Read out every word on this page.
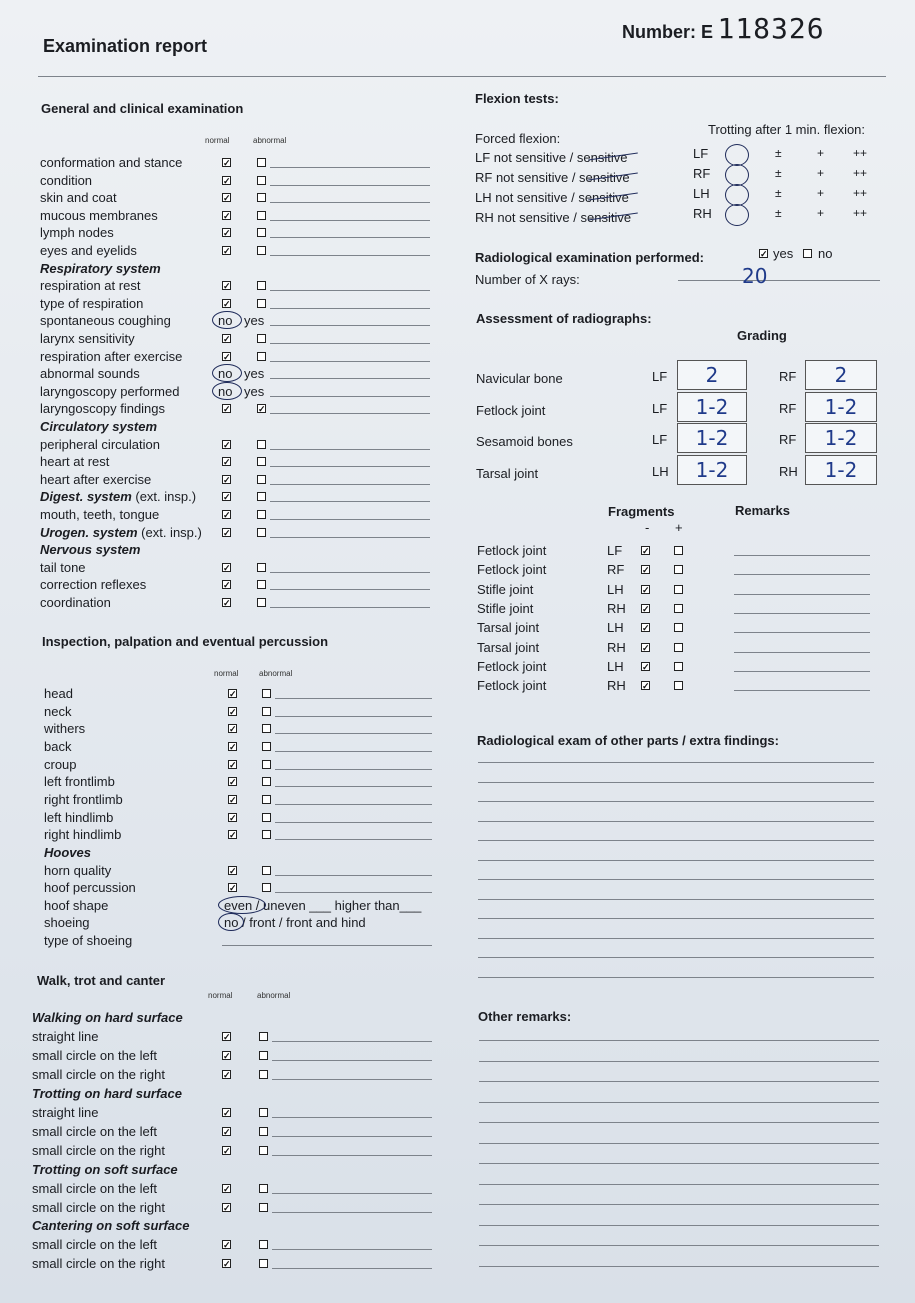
Examination report
Number: E 118326
General and clinical examination
normal	abnormal
Inspection, palpation and eventual percussion
normal	abnormal
Walk, trot and canter
normal	abnormal
Flexion tests:
Forced flexion:
Trotting after 1 min. flexion:
Radiological examination performed:
✓	yes no
Number of X rays:	20
Assessment of radiographs:
Grading
Fragments
- +
Remarks
Radiological exam of other parts / extra findings:
Other remarks:
conformation and stance
✓
condition
✓
skin and coat
✓
mucous membranes
✓
lymph nodes
✓
eyes and eyelids
✓
Respiratory system
respiration at rest
✓
type of respiration
✓
spontaneous coughing	no yes
larynx sensitivity
✓
respiration after exercise
✓
abnormal sounds	no yes
laryngoscopy performed	no yes
laryngoscopy findings
✓
✓
Circulatory system
peripheral circulation
✓
heart at rest
✓
heart after exercise
✓
Digest. system (ext. insp.)
✓
mouth, teeth, tongue
✓
Urogen. system (ext. insp.)
✓
Nervous system
tail tone
✓
correction reflexes
✓
coordination
✓
head
✓
neck
✓
withers
✓
back
✓
croup
✓
left frontlimb
✓
right frontlimb
✓
left hindlimb
✓
right hindlimb
✓
Hooves
horn quality
✓
hoof percussion
✓
hoof shape	even / uneven ___ higher than___
shoeing	no / front / front and hind
type of shoeing
Walking on hard surface
straight line
✓
small circle on the left
✓
small circle on the right
✓
Trotting on hard surface
straight line
✓
small circle on the left
✓
small circle on the right
✓
Trotting on soft surface
small circle on the left
✓
small circle on the right
✓
Cantering on soft surface
small circle on the left
✓
small circle on the right
✓
LF not sensitive / sensitive	LF	±	+ ++
RF not sensitive / sensitive	RF	±	+ ++
LH not sensitive / sensitive	LH	±	+ ++
RH not sensitive / sensitive	RH	±	+ ++
Navicular bone	LF	2	RF	2
Fetlock joint	LF	1-2	RF	1-2
Sesamoid bones	LF	1-2	RF	1-2
Tarsal joint	LH	1-2	RH	1-2
Fetlock joint	LF
✓
Fetlock joint	RF
✓
Stifle joint	LH
✓
Stifle joint	RH
✓
Tarsal joint	LH
✓
Tarsal joint	RH
✓
Fetlock joint	LH
✓
Fetlock joint	RH
✓
